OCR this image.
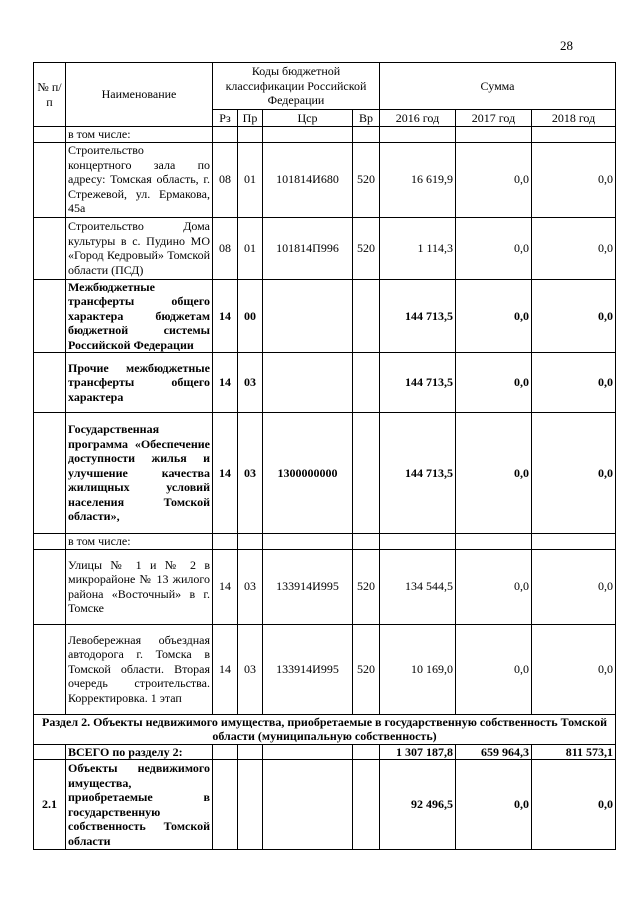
28
№ п/п	Наименование	Коды бюджетной классификации Российской Федерации				Сумма		
		Рз	Пр	Цср	Вр	2016 год	2017 год	2018 год
	в том числе:							
	Строительство концертного зала по адресу: Томская область, г. Стрежевой, ул. Ермакова, 45а	08	01	101814И680	520	16 619,9	0,0	0,0
	Строительство Дома культуры в с. Пудино МО «Город Кедровый» Томской области (ПСД)	08	01	101814П996	520	1 114,3	0,0	0,0
	Межбюджетные трансферты общего характера бюджетам бюджетной системы Российской Федерации	14	00			144 713,5	0,0	0,0
	Прочие межбюджетные трансферты общего характера	14	03			144 713,5	0,0	0,0
	Государственная программа «Обеспечение доступности жилья и улучшение качества жилищных условий населения Томской области»,	14	03	1300000000		144 713,5	0,0	0,0
	в том числе:							
	Улицы № 1 и № 2 в микрорайоне № 13 жилого района «Восточный» в г. Томске	14	03	133914И995	520	134 544,5	0,0	0,0
	Левобережная объездная автодорога г. Томска в Томской области. Вторая очередь строительства. Корректировка. 1 этап	14	03	133914И995	520	10 169,0	0,0	0,0
Раздел 2. Объекты недвижимого имущества, приобретаемые в государственную собственность Томской области (муниципальную собственность)								
	ВСЕГО по разделу 2:					1 307 187,8	659 964,3	811 573,1
2.1	Объекты недвижимого имущества, приобретаемые в государственную собственность Томской области					92 496,5	0,0	0,0
